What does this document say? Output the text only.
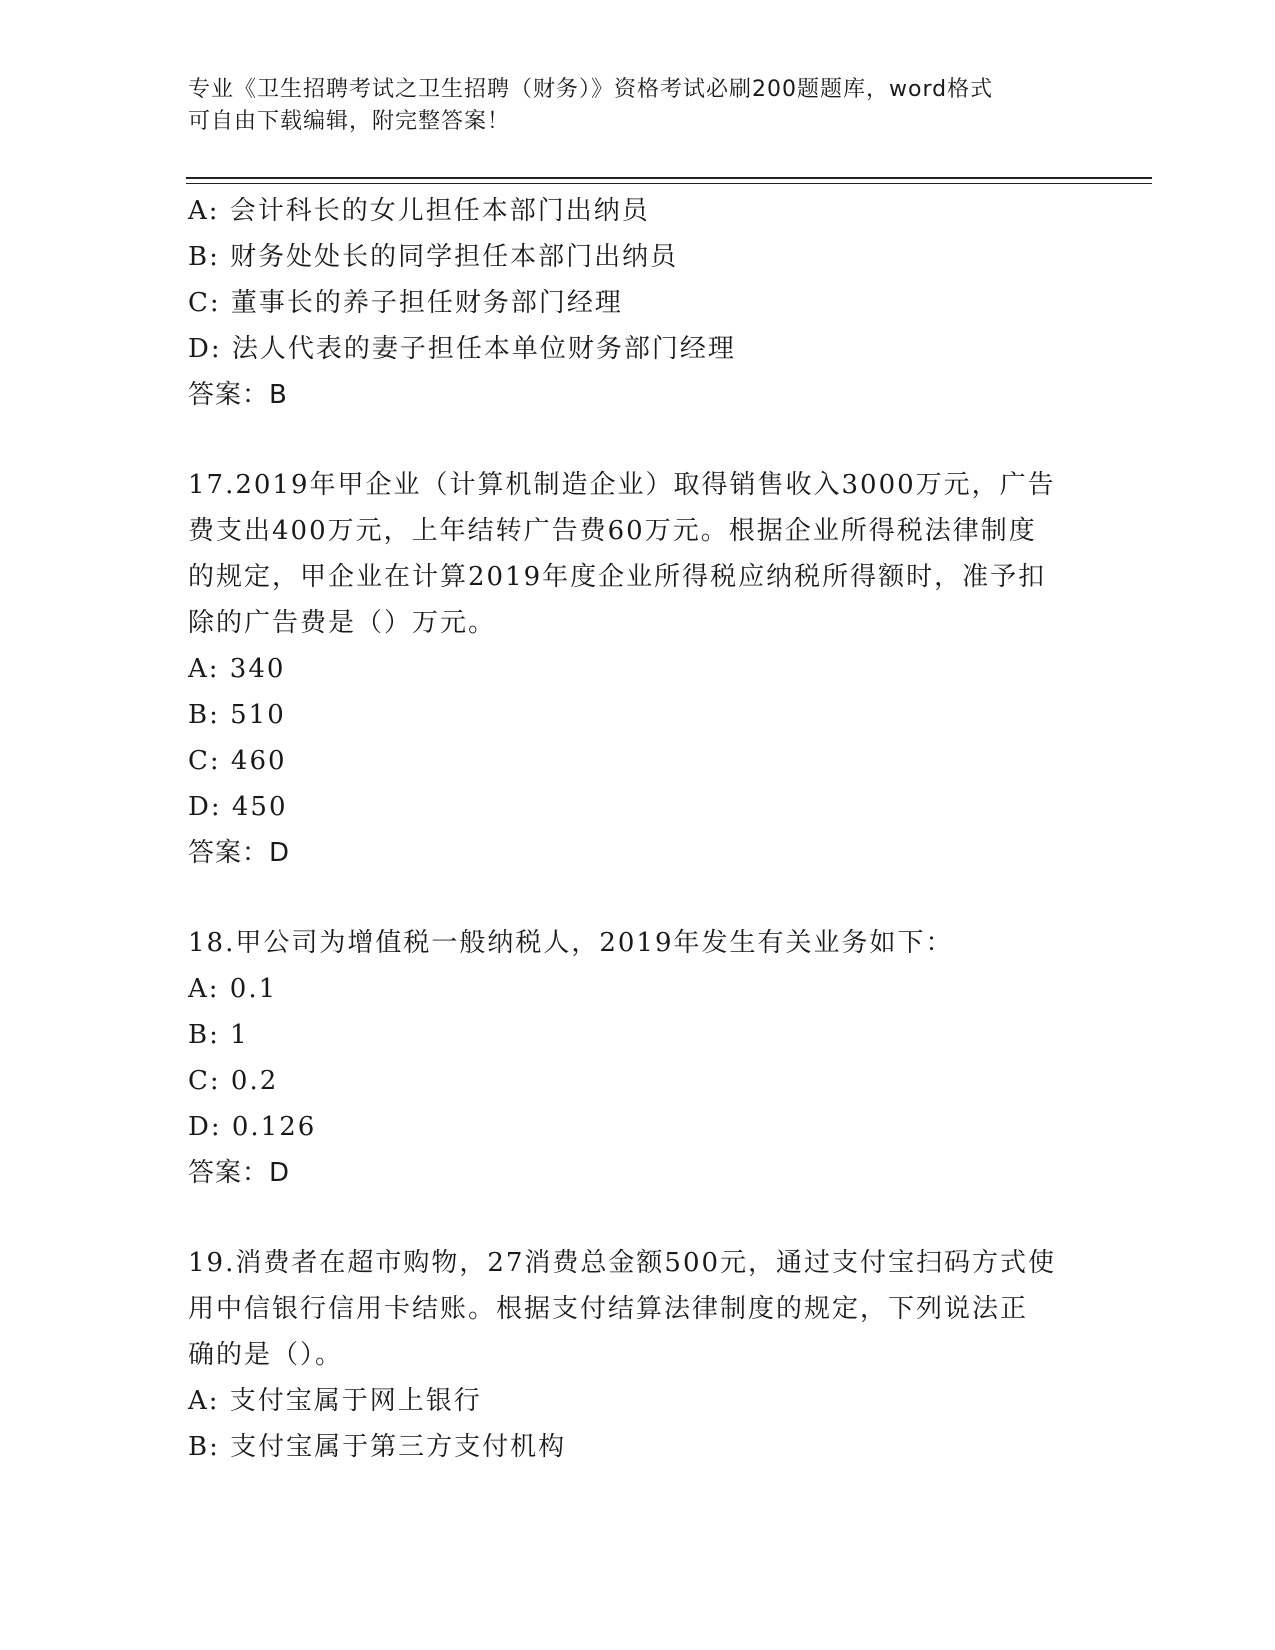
专业《卫生招聘考试之卫生招聘（财务）》资格考试必刷200题题库，word格式
可自由下载编辑，附完整答案！
A: 会计科长的女儿担任本部门出纳员
B: 财务处处长的同学担任本部门出纳员
C: 董事长的养子担任财务部门经理
D: 法人代表的妻子担任本单位财务部门经理
答案：B
17.2019年甲企业（计算机制造企业）取得销售收入3000万元，广告
费支出400万元，上年结转广告费60万元。根据企业所得税法律制度
的规定，甲企业在计算2019年度企业所得税应纳税所得额时，准予扣
除的广告费是（）万元。
A: 340
B: 510
C: 460
D: 450
答案：D
18.甲公司为增值税一般纳税人，2019年发生有关业务如下：
A: 0.1
B: 1
C: 0.2
D: 0.126
答案：D
19.消费者在超市购物，27消费总金额500元，通过支付宝扫码方式使
用中信银行信用卡结账。根据支付结算法律制度的规定，下列说法正
确的是（）。
A: 支付宝属于网上银行
B: 支付宝属于第三方支付机构
